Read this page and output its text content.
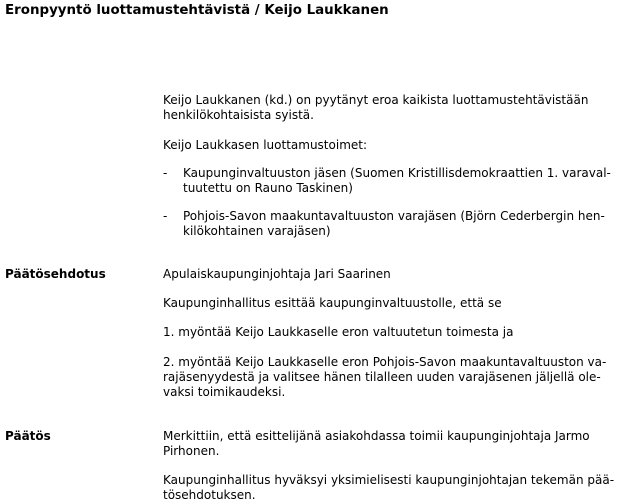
Eronpyyntö luottamustehtävistä / Keijo Laukkanen

Keijo Laukkanen (kd.) on pyytänyt eroa kaikista luottamustehtävistään
henkilökohtaisista syistä.

Keijo Laukkasen luottamustoimet:

- Kaupunginvaltuuston jäsen (Suomen Kristillisdemokraattien 1. varaval-
tuutettu on Rauno Taskinen)

- Pohjois-Savon maakuntavaltuuston varajäsen (Björn Cederbergin hen-
kilökohtainen varajäsen)

Päätösehdotus	Apulaiskaupunginjohtaja Jari Saarinen

Kaupunginhallitus esittää kaupunginvaltuustolle, että se

1. myöntää Keijo Laukkaselle eron valtuutetun toimesta ja

2. myöntää Keijo Laukkaselle eron Pohjois-Savon maakuntavaltuuston va-
rajäsenyydestä ja valitsee hänen tilalleen uuden varajäsenen jäljellä ole-
vaksi toimikaudeksi.

Päätös	Merkittiin, että esittelijänä asiakohdassa toimii kaupunginjohtaja Jarmo
Pirhonen.

Kaupunginhallitus hyväksyi yksimielisesti kaupunginjohtajan tekemän pää-
tösehdotuksen.
